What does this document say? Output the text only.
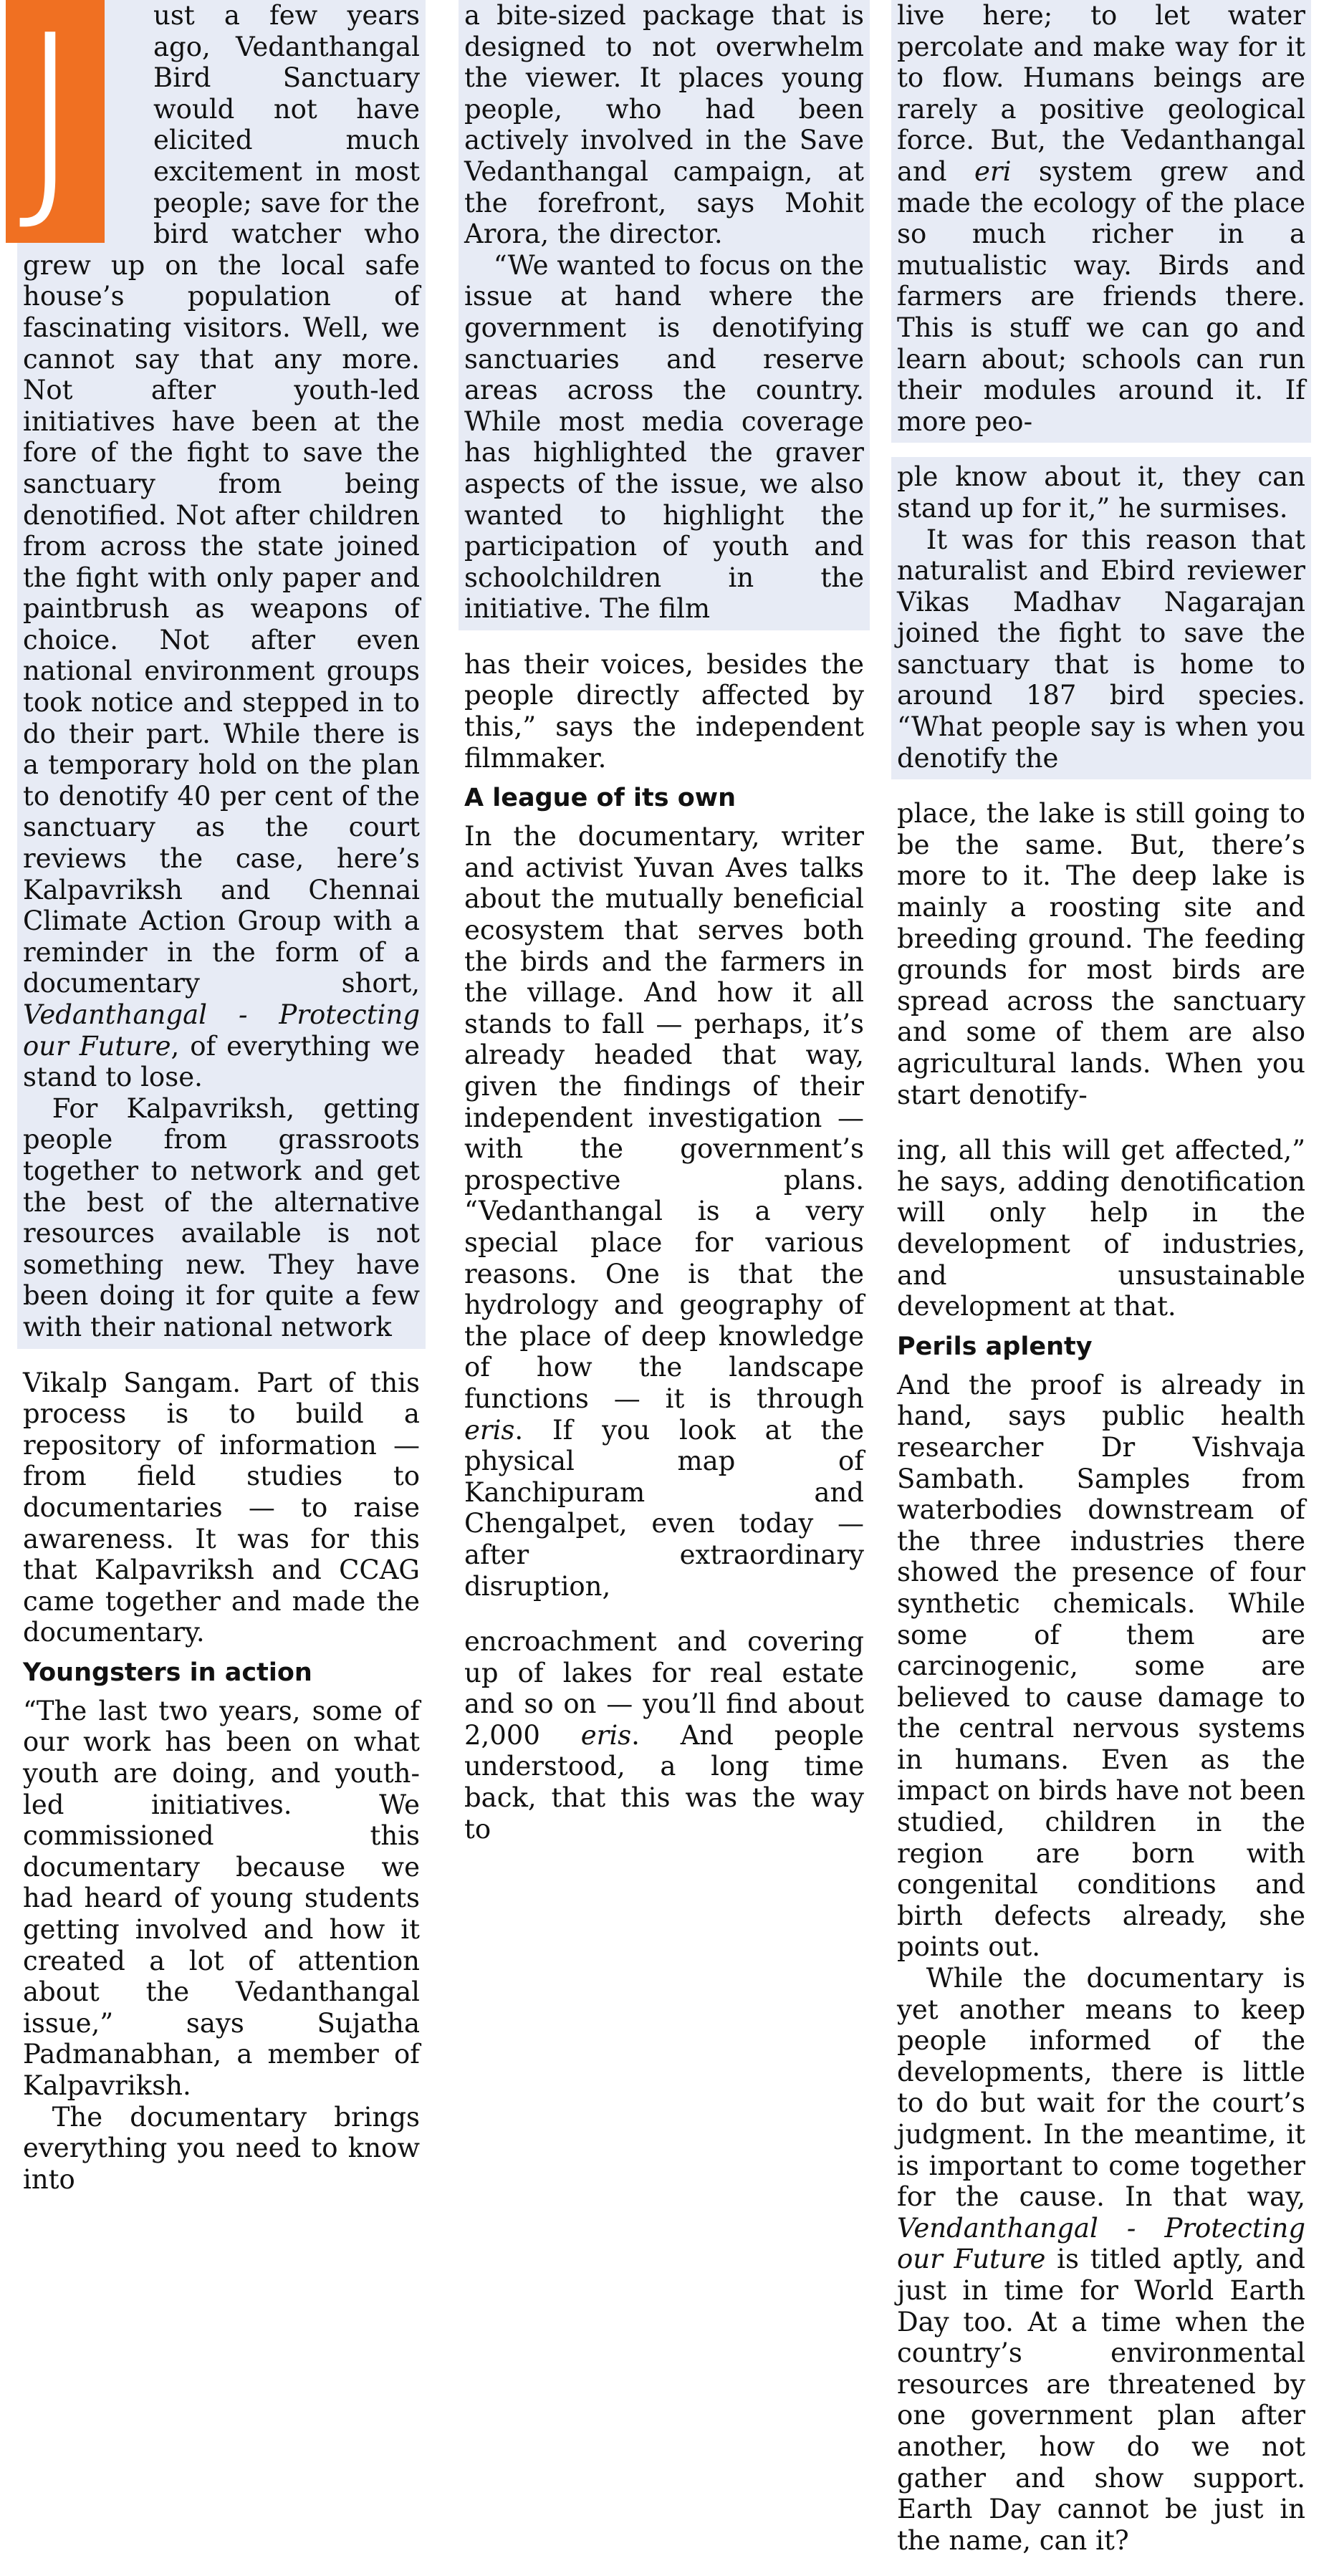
J	ust a few years ago, Vedanthangal Bird Sanctuary would not have elicited much excitement in most people; save for the bird watcher who grew up on the local safe house’s population of fascinating visitors. Well, we cannot say that any more. Not after youth-led initiatives have been at the fore of the fight to save the sanctuary from being denotified. Not after children from across the state joined the fight with only paper and paintbrush as weapons of choice. Not after even national environment groups took notice and stepped in to do their part. While there is a temporary hold on the plan to denotify 40 per cent of the sanctuary as the court reviews the case, here’s Kalpavriksh and Chennai Climate Action Group with a reminder in the form of a documentary short, Vedanthangal - Protecting our Future, of everything we stand to lose.

For Kalpavriksh, getting people from grassroots together to network and get the best of the alternative resources available is not something new. They have been doing it for quite a few with their national network

Vikalp Sangam. Part of this process is to build a repository of information — from field studies to documentaries — to raise awareness. It was for this that Kalpavriksh and CCAG came together and made the documentary.

Youngsters in action

“The last two years, some of our work has been on what youth are doing, and youth-led initiatives. We commissioned this documentary because we had heard of young students getting involved and how it created a lot of attention about the Vedanthangal issue,” says Sujatha Padmanabhan, a member of Kalpavriksh.

The documentary brings everything you need to know into

a bite-sized package that is designed to not overwhelm the viewer. It places young people, who had been actively involved in the Save Vedanthangal campaign, at the forefront, says Mohit Arora, the director.

“We wanted to focus on the issue at hand where the government is denotifying sanctuaries and reserve areas across the country. While most media coverage has highlighted the graver aspects of the issue, we also wanted to highlight the participation of youth and schoolchildren in the initiative. The film

has their voices, besides the people directly affected by this,” says the independent filmmaker.

A league of its own

In the documentary, writer and activist Yuvan Aves talks about the mutually beneficial ecosystem that serves both the birds and the farmers in the village. And how it all stands to fall — perhaps, it’s already headed that way, given the findings of their independent investigation — with the government’s prospective plans. “Vedanthangal is a very special place for various reasons. One is that the hydrology and geography of the place of deep knowledge of how the landscape functions — it is through eris. If you look at the physical map of Kanchipuram and Chengalpet, even today — after extraordinary disruption,

encroachment and covering up of lakes for real estate and so on — you’ll find about 2,000 eris. And people understood, a long time back, that this was the way to

live here; to let water percolate and make way for it to flow. Humans beings are rarely a positive geological force. But, the Vedanthangal and eri system grew and made the ecology of the place so much richer in a mutualistic way. Birds and farmers are friends there. This is stuff we can go and learn about; schools can run their modules around it. If more peo-

ple know about it, they can stand up for it,” he surmises.

It was for this reason that naturalist and Ebird reviewer Vikas Madhav Nagarajan joined the fight to save the sanctuary that is home to around 187 bird species. “What people say is when you denotify the

place, the lake is still going to be the same. But, there’s more to it. The deep lake is mainly a roosting site and breeding ground. The feeding grounds for most birds are spread across the sanctuary and some of them are also agricultural lands. When you start denotify-

ing, all this will get affected,” he says, adding denotification will only help in the development of industries, and unsustainable development at that.

Perils aplenty

And the proof is already in hand, says public health researcher Dr Vishvaja Sambath. Samples from waterbodies downstream of the three industries there showed the presence of four synthetic chemicals. While some of them are carcinogenic, some are believed to cause damage to the central nervous systems in humans. Even as the impact on birds have not been studied, children in the region are born with congenital conditions and birth defects already, she points out.

While the documentary is yet another means to keep people informed of the developments, there is little to do but wait for the court’s judgment. In the meantime, it is important to come together for the cause. In that way, Vendanthangal - Protecting our Future is titled aptly, and just in time for World Earth Day too. At a time when the country’s environmental resources are threatened by one government plan after another, how do we not gather and show support. Earth Day cannot be just in the name, can it?
